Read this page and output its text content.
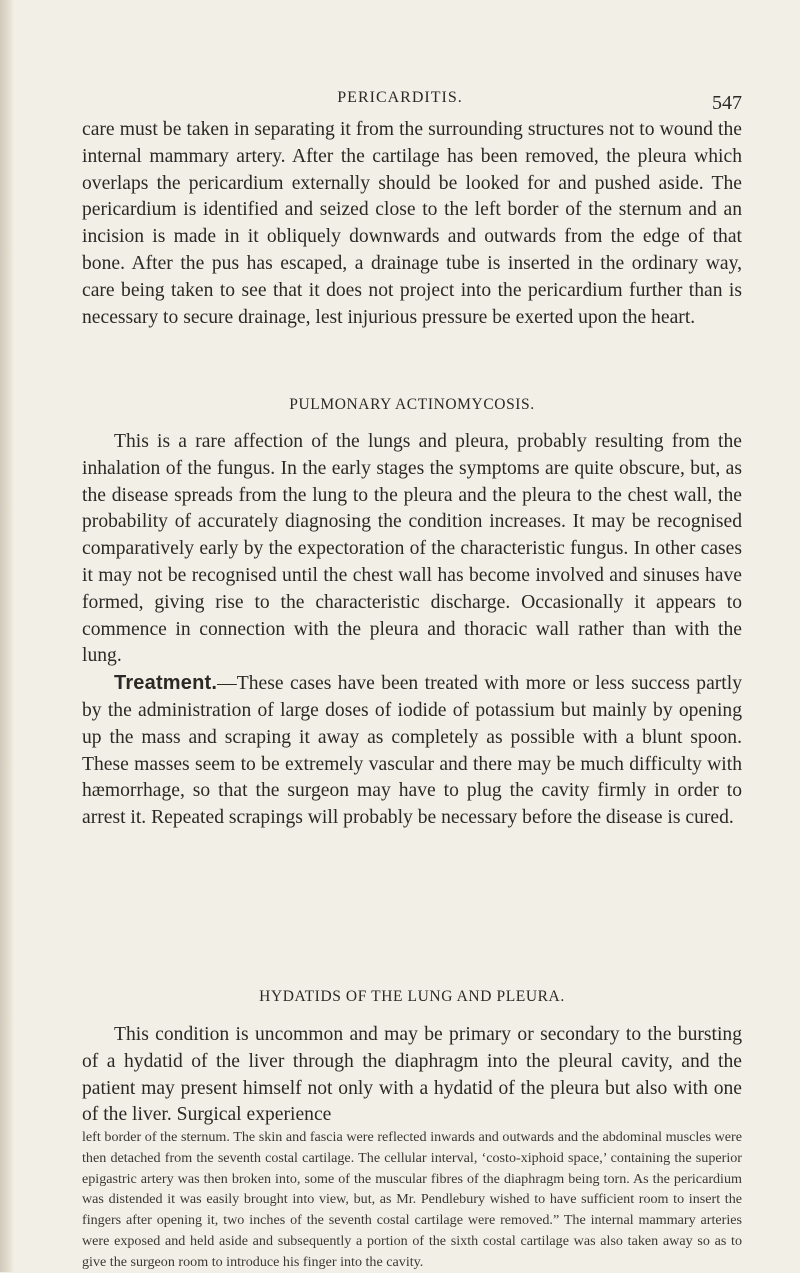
PERICARDITIS.	547

care must be taken in separating it from the surrounding structures not to wound the internal mammary artery. After the cartilage has been removed, the pleura which overlaps the pericardium externally should be looked for and pushed aside. The pericardium is identified and seized close to the left border of the sternum and an incision is made in it obliquely downwards and outwards from the edge of that bone. After the pus has escaped, a drainage tube is inserted in the ordinary way, care being taken to see that it does not project into the pericardium further than is necessary to secure drainage, lest injurious pressure be exerted upon the heart.

PULMONARY ACTINOMYCOSIS.

This is a rare affection of the lungs and pleura, probably resulting from the inhalation of the fungus. In the early stages the symptoms are quite obscure, but, as the disease spreads from the lung to the pleura and the pleura to the chest wall, the probability of accurately diagnosing the condition increases. It may be recognised comparatively early by the expectoration of the characteristic fungus. In other cases it may not be recognised until the chest wall has become involved and sinuses have formed, giving rise to the characteristic discharge. Occasionally it appears to commence in connection with the pleura and thoracic wall rather than with the lung.

Treatment.—These cases have been treated with more or less success partly by the administration of large doses of iodide of potassium but mainly by opening up the mass and scraping it away as completely as possible with a blunt spoon. These masses seem to be extremely vascular and there may be much difficulty with hæmorrhage, so that the surgeon may have to plug the cavity firmly in order to arrest it. Repeated scrapings will probably be necessary before the disease is cured.

HYDATIDS OF THE LUNG AND PLEURA.

This condition is uncommon and may be primary or secondary to the bursting of a hydatid of the liver through the diaphragm into the pleural cavity, and the patient may present himself not only with a hydatid of the pleura but also with one of the liver. Surgical experience

left border of the sternum. The skin and fascia were reflected inwards and outwards and the abdominal muscles were then detached from the seventh costal cartilage. The cellular interval, ‘costo-xiphoid space,’ containing the superior epigastric artery was then broken into, some of the muscular fibres of the diaphragm being torn. As the pericardium was distended it was easily brought into view, but, as Mr. Pendlebury wished to have sufficient room to insert the fingers after opening it, two inches of the seventh costal cartilage were removed.” The internal mammary arteries were exposed and held aside and subsequently a portion of the sixth costal cartilage was also taken away so as to give the surgeon room to introduce his finger into the cavity.
